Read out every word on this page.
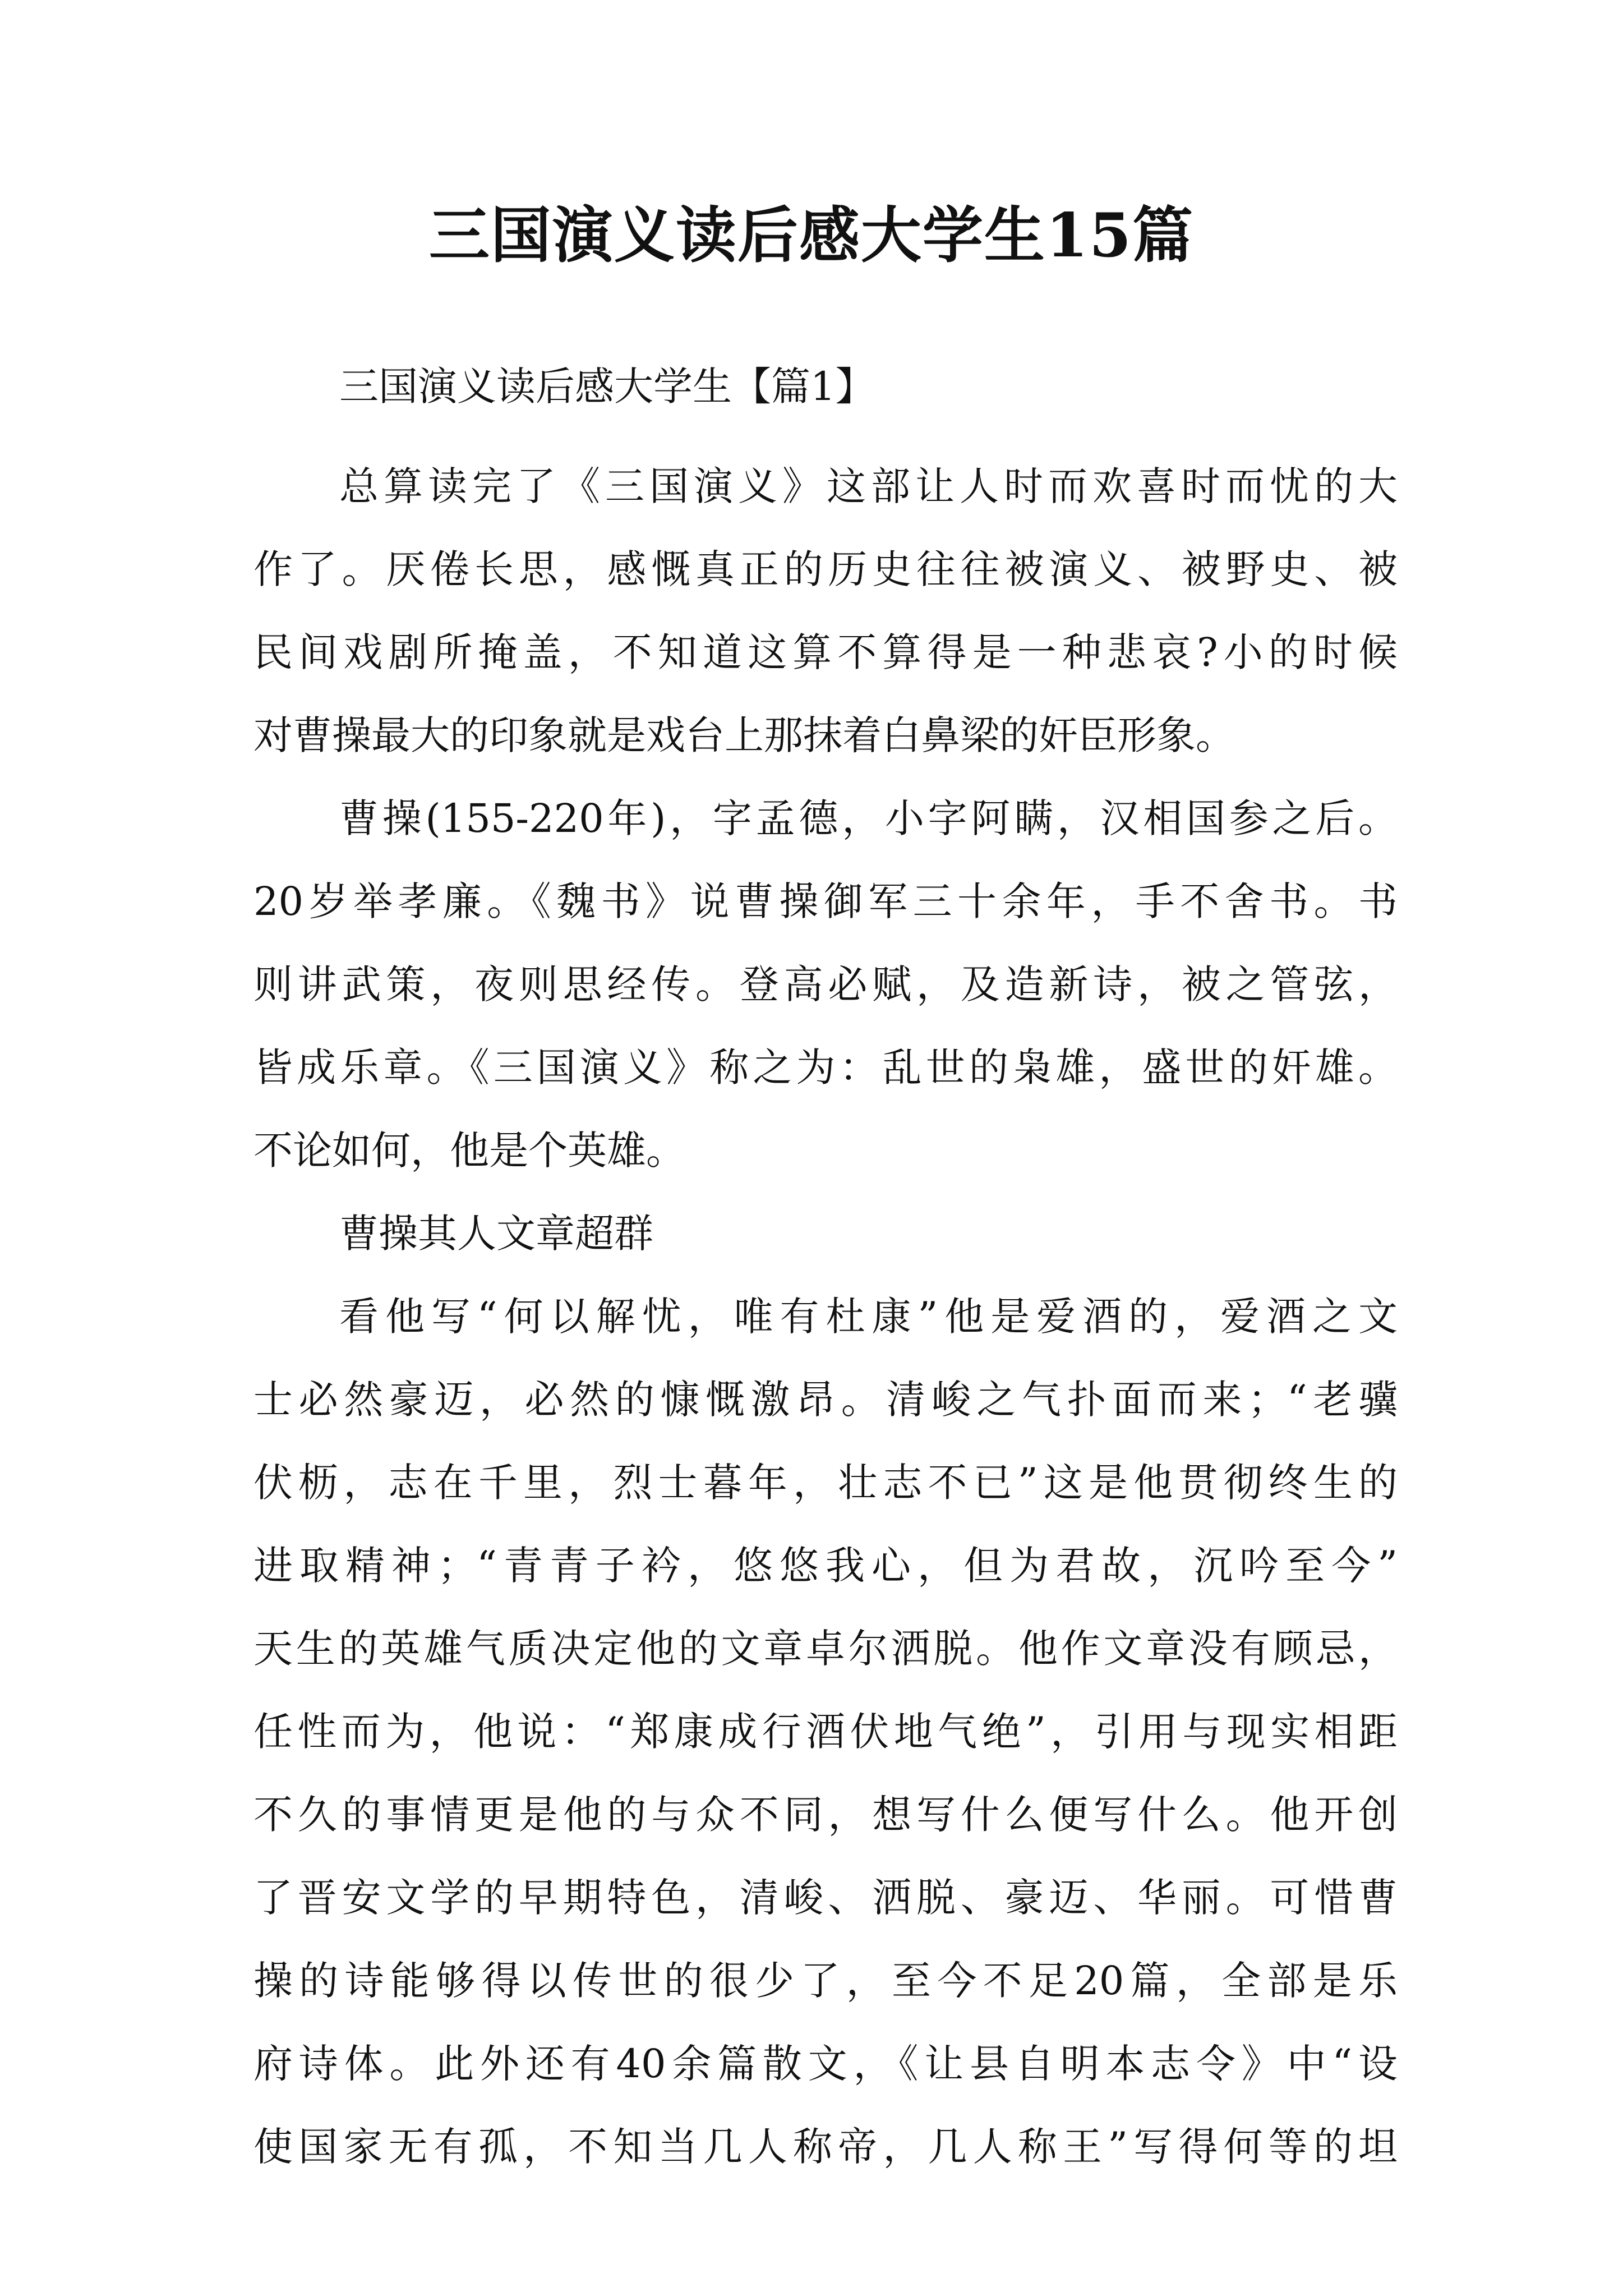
三国演义读后感大学生15篇
三国演义读后感大学生【篇1】
总算读完了《三国演义》这部让人时而欢喜时而忧的大
作了。厌倦长思，感慨真正的历史往往被演义、被野史、被
民间戏剧所掩盖，不知道这算不算得是一种悲哀?小的时候
对曹操最大的印象就是戏台上那抹着白鼻梁的奸臣形象。
曹操(155-220年)，字孟德，小字阿瞒，汉相国参之后。
20岁举孝廉。《魏书》说曹操御军三十余年，手不舍书。书
则讲武策，夜则思经传。登高必赋，及造新诗，被之管弦，
皆成乐章。《三国演义》称之为：乱世的枭雄，盛世的奸雄。
不论如何，他是个英雄。
曹操其人文章超群
看他写“何以解忧，唯有杜康”他是爱酒的，爱酒之文
士必然豪迈，必然的慷慨激昂。清峻之气扑面而来；“老骥
伏枥，志在千里，烈士暮年，壮志不已”这是他贯彻终生的
进取精神；“青青子衿，悠悠我心，但为君故，沉吟至今”
天生的英雄气质决定他的文章卓尔洒脱。他作文章没有顾忌，
任性而为，他说：“郑康成行酒伏地气绝”，引用与现实相距
不久的事情更是他的与众不同，想写什么便写什么。他开创
了晋安文学的早期特色，清峻、洒脱、豪迈、华丽。可惜曹
操的诗能够得以传世的很少了，至今不足20篇，全部是乐
府诗体。此外还有40余篇散文，《让县自明本志令》中“设
使国家无有孤，不知当几人称帝，几人称王”写得何等的坦
